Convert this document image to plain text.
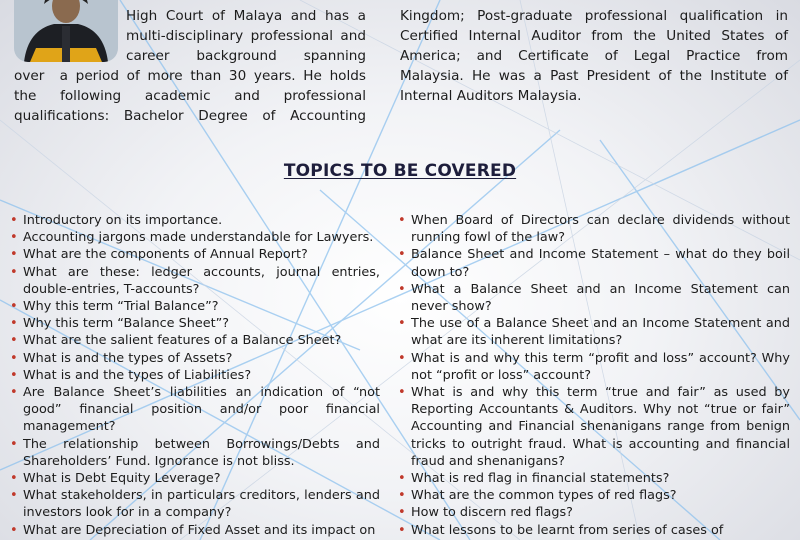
High Court of Malaya and has a
multi-disciplinary professional and
career background spanning
over  a period of more than 30 years. He holds
the following academic and professional
qualifications: Bachelor Degree of Accounting
Kingdom; Post-graduate professional qualification in
Certified Internal Auditor from the United States of
America; and Certificate of Legal Practice from
Malaysia. He was a Past President of the Institute of
Internal Auditors Malaysia.
TOPICS TO BE COVERED
• Introductory on its importance.
• Accounting jargons made understandable for Lawyers.
• What are the components of Annual Report?
• What are these: ledger accounts, journal entries, double-entries, T-accounts?
• Why this term “Trial Balance”?
• Why this term “Balance Sheet”?
• What are the salient features of a Balance Sheet?
• What is and the types of Assets?
• What is and the types of Liabilities?
• Are Balance Sheet’s liabilities an indication of “not good” financial position and/or poor financial management?
• The relationship between Borrowings/Debts and Shareholders’ Fund. Ignorance is not bliss.
• What is Debt Equity Leverage?
• What stakeholders, in particulars creditors, lenders and investors look for in a company?
• What are Depreciation of Fixed Asset and its impact on
• When Board of Directors can declare dividends without running fowl of the law?
• Balance Sheet and Income Statement – what do they boil down to?
• What a Balance Sheet and an Income Statement can never show?
• The use of a Balance Sheet and an Income Statement and what are its inherent limitations?
• What is and why this term “profit and loss” account? Why not “profit or loss” account?
• What is and why this term “true and fair” as used by Reporting Accountants & Auditors. Why not “true or fair” Accounting and Financial shenanigans range from benign tricks to outright fraud. What is accounting and financial fraud and shenanigans?
• What is red flag in financial statements?
• What are the common types of red flags?
• How to discern red flags?
• What lessons to be learnt from series of cases of
